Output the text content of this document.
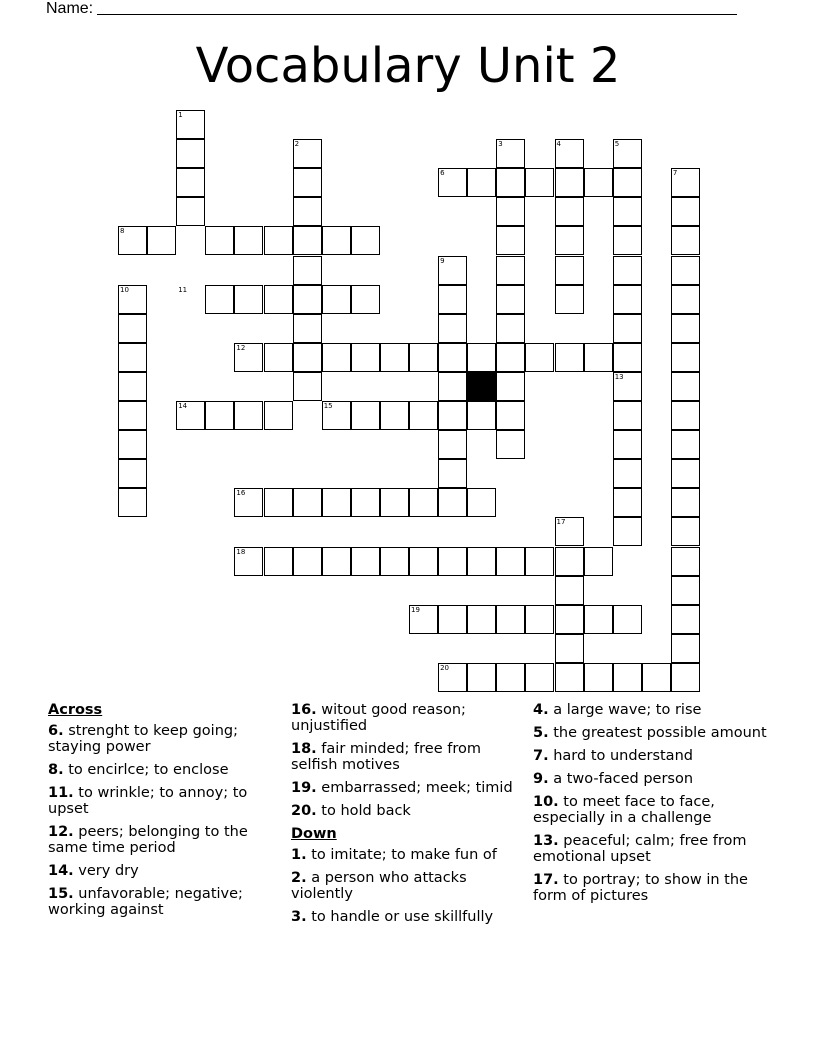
Name:
Vocabulary Unit 2
1
2	3	4	5
6	7
8
9
10	11
12
13
14	15
16
17
18
19
20
Across
6. strenght to keep going; staying power
8. to encirlce; to enclose
11. to wrinkle; to annoy; to upset
12. peers; belonging to the same time period
14. very dry
15. unfavorable; negative; working against
16. witout good reason; unjustified
18. fair minded; free from selfish motives
19. embarrassed; meek; timid
20. to hold back
Down
1. to imitate; to make fun of
2. a person who attacks violently
3. to handle or use skillfully
4. a large wave; to rise
5. the greatest possible amount
7. hard to understand
9. a two-faced person
10. to meet face to face, especially in a challenge
13. peaceful; calm; free from emotional upset
17. to portray; to show in the form of pictures
